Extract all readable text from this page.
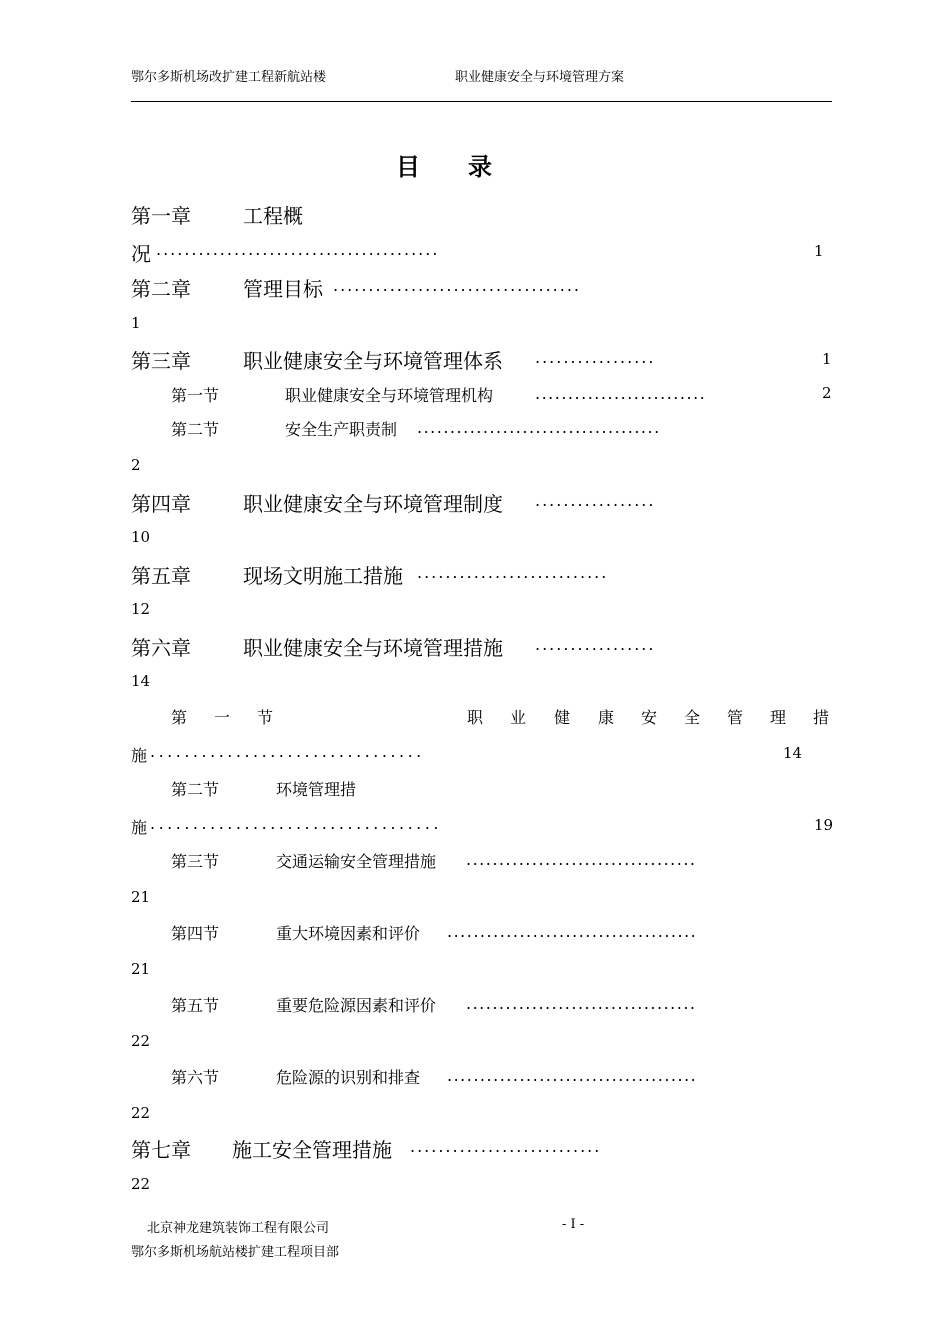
鄂尔多斯机场改扩建工程新航站楼	职业健康安全与环境管理方案
目　　录
第一章	工程概
况 ........................................	1
第二章	管理目标 ...................................
1
第三章	职业健康安全与环境管理体系 .................	1
第一节	职业健康安全与环境管理机构	..........................	2
第二节	安全生产职责制 .....................................
2
第四章	职业健康安全与环境管理制度 .................
10
第五章	现场文明施工措施 ...........................
12
第六章	职业健康安全与环境管理措施 .................
14
第 一 节	职 业 健 康 安 全 管 理 措
施 ................................	14
第二节	环境管理措
施 ..................................	19
第三节	交通运输安全管理措施 ...................................
21
第四节	重大环境因素和评价 ......................................
21
第五节	重要危险源因素和评价 ...................................
22
第六节	危险源的识别和排查 ......................................
22
第七章 施工安全管理措施 ...........................
22
北京神龙建筑装饰工程有限公司	- I -
鄂尔多斯机场航站楼扩建工程项目部
